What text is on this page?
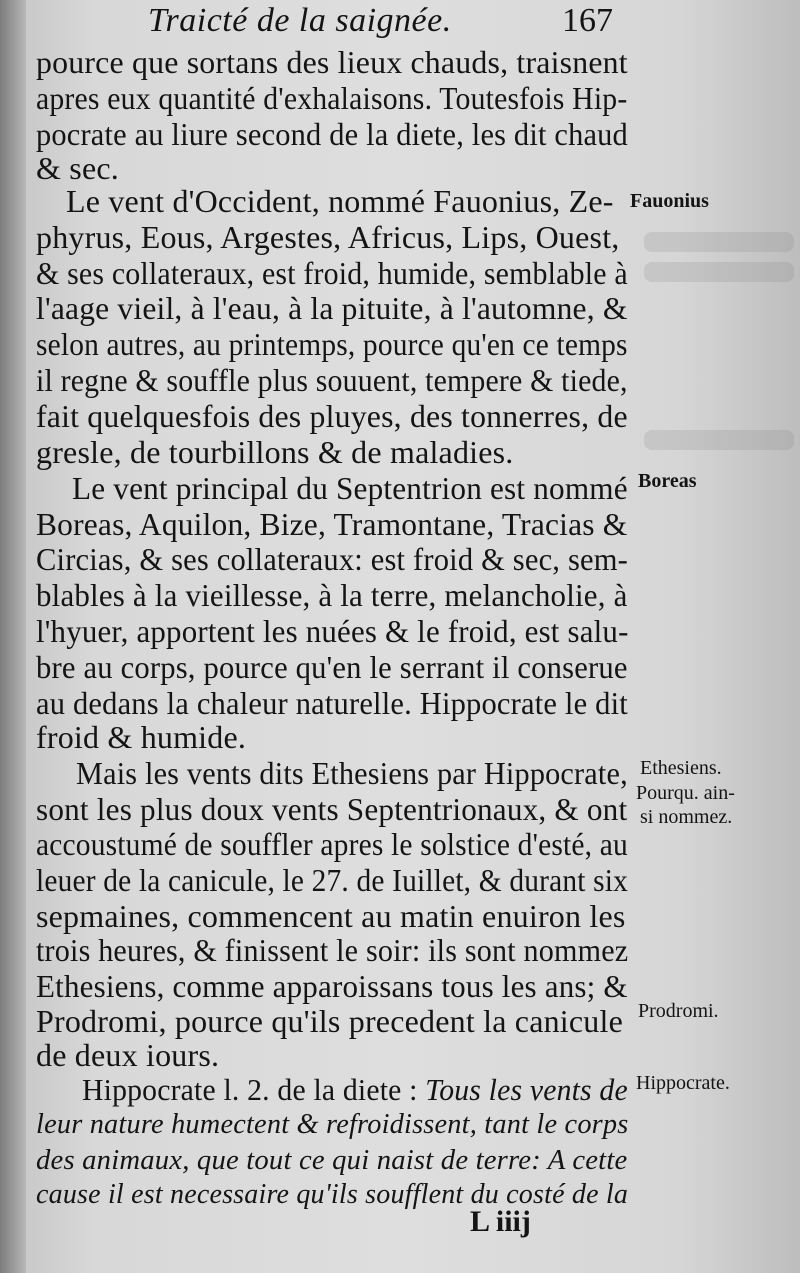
Traicté de la saignée.	167
pource que sortans des lieux chauds, traisnent
apres eux quantité d'exhalaisons. Toutesfois Hip-
pocrate au liure second de la diete, les dit chaud
& sec.
Le vent d'Occident, nommé Fauonius, Ze-
phyrus, Eous, Argestes, Africus, Lips, Ouest,
& ses collateraux, est froid, humide, semblable à
l'aage vieil, à l'eau, à la pituite, à l'automne, &
selon autres, au printemps, pource qu'en ce temps
il regne & souffle plus souuent, tempere & tiede,
fait quelquesfois des pluyes, des tonnerres, de
gresle, de tourbillons & de maladies.
Le vent principal du Septentrion est nommé
Boreas, Aquilon, Bize, Tramontane, Tracias &
Circias, & ses collateraux: est froid & sec, sem-
blables à la vieillesse, à la terre, melancholie, à
l'hyuer, apportent les nuées & le froid, est salu-
bre au corps, pource qu'en le serrant il conserue
au dedans la chaleur naturelle. Hippocrate le dit
froid & humide.
Mais les vents dits Ethesiens par Hippocrate,
sont les plus doux vents Septentrionaux, & ont
accoustumé de souffler apres le solstice d'esté, au
leuer de la canicule, le 27. de Iuillet, & durant six
sepmaines, commencent au matin enuiron les
trois heures, & finissent le soir: ils sont nommez
Ethesiens, comme apparoissans tous les ans; &
Prodromi, pource qu'ils precedent la canicule
de deux iours.
Hippocrate l. 2. de la diete : Tous les vents de
leur nature humectent & refroidissent, tant le corps
des animaux, que tout ce qui naist de terre: A cette
cause il est necessaire qu'ils soufflent du costé de la
Fauonius
Boreas
Ethesiens.
Pourqu. ain-
si nommez.
Prodromi.
Hippocrate.
L iiij
